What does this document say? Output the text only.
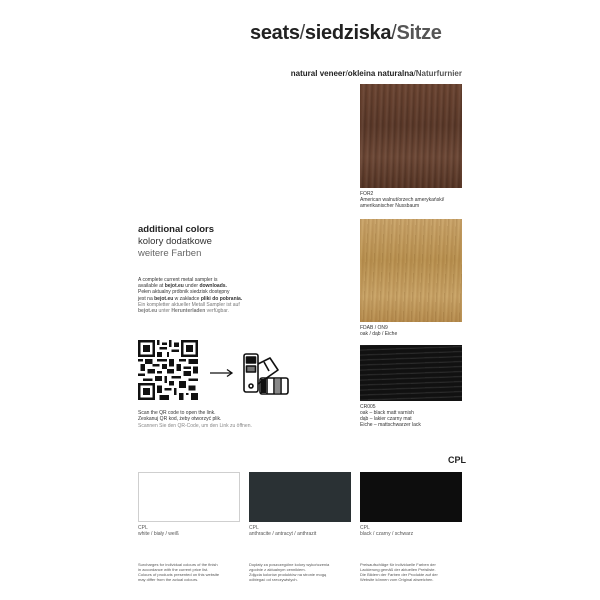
seats/siedziska/Sitze
natural veneer/okleina naturalna/Naturfurnier
FOR2
American walnut/orzech amerykański/
amerikanischer Nussbaum
FDAB / ON9
oak / dąb / Eiche
CR005
oak – black matt varnish
dąb – lakier czarny mat
Eiche – mattschwarzer lack
additional colors
kolory dodatkowe
weitere Farben
A complete current metal sampler is
available at bejot.eu under downloads.
Pełen aktualny próbnik siedzisk dostępny
jest na bejot.eu w zakładce pliki do pobrania.
Ein kompletter aktueller Metall Sampler ist auf
bejot.eu unter Herunterladen verfügbar.
Scan the QR code to open the link.
Zeskanuj QR kod, żeby otworzyć plik.
Scannen Sie den QR-Code, um den Link zu öffnen.
CPL
CPL
white / biały / weiß
CPL
anthracite / antracyt / anthrazit
CPL
black / czarny / schwarz
Surcharges for individual colours of the finish
in accordance with the current price list.
Colours of products presented on this website
may differ from the actual colours.
Dopłaty za poszczególne kolory wykończenia
zgodnie z aktualnym cennikiem.
Zdjęcia kolorów produktów na stronie mogą
odbiegać od rzeczywistych.
Preisaufschläge für individuelle Farben der
Lackierung gemäß der aktuellen Preisliste.
Die Bildern der Farben der Produkte auf der
Website können vom Original abweichen.
